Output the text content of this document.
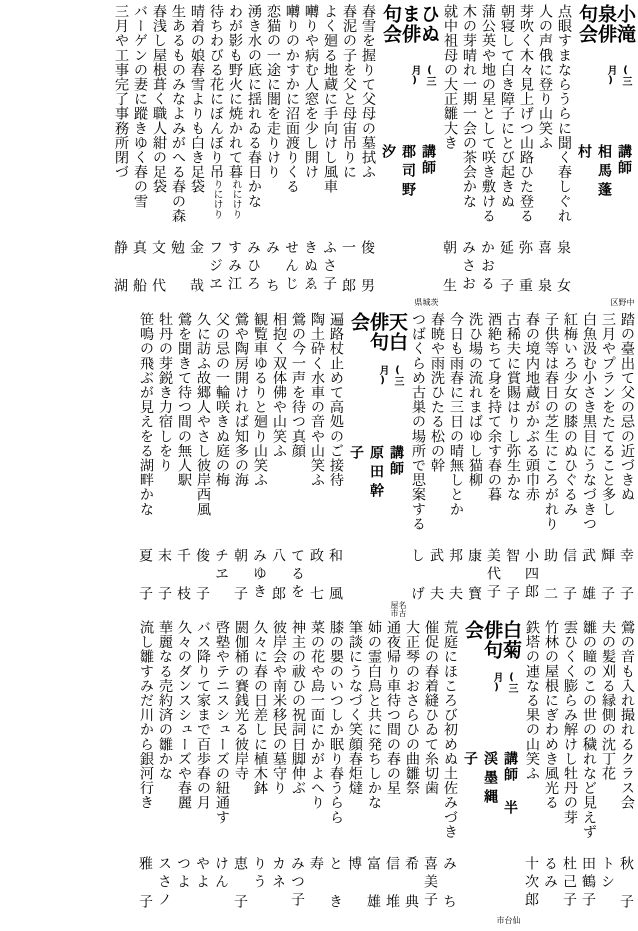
小滝泉俳句会
(三月)
講師 相馬蓬村
中野区
点眼すまならうらに聞く春しぐれ
泉 女
人の声俄に登り山笑ふ
喜 泉
芽吹く木々見上げつ山路ひた登る
弥 重
朝寝して白き障子にとび起きぬ
延 子
蒲公英や地の星として咲き敷ける
かおる
木の芽晴れ一期一会の茶会かな
みさお
就中祖母の大正雛大き
朝 生
ひぬま俳句会
(三月)
講師 郡司野汐
茨城県
春雪を握りて父母の墓拭ふ
俊 男
春泥の子を父と母宙吊りに
一 郎
よく廻る地蔵に手向けし風車
ふさ子
囀りや病む人窓を少し開け
きぬゑ
囀りのかすかに沼面渡りくる
せんじ
恋猫の一途に闇を走りけり
み ち
湧き水の底に揺れゐる春日かな
みひろ
わが影も野火に焼かれて暮れにけり
すみ江
待ちわびる花にぼんぼり吊りにけり
フジヱ
晴着の娘春雪よりも白き足袋
金 哉
生あるものみなよみがへる春の森
勉
春浅し屋根葺く職人紺の足袋
文 代
バーゲンの妻に蹤きゆく春の雪
真 船
三月や工事完了事務所閉づ
静 湖
踏の臺出て父の忌の近づきぬ
幸 子
三月やプランをたてること多し
輝 子
白魚汲む小さき黒目にうなづきつ
武 雄
紅梅いろ少女の膝のぬひぐるみ
信 子
子供等は春日の芝生にころがれり
助 二
春の境内地蔵がかぶる頭巾赤
小四郎
古稀夫に賞賜はりし弥生かな
智 子
酒絶ちて身を持て余す春の暮
美代子
洗ひ場の流れまばゆし猫柳
康 寳
今日も雨春に三日の晴無しとか
邦 夫
春暁や雨洗ひたる松の幹
武 夫
つばくらめ古巣の場所で思案する
し げ
天白俳句会
(三月)
講師 原田幹子
名古屋市
遍路杖止めて高処のご接待
和 風
陶土砕く水車の音や山笑ふ
政 七
鶯の今一声を待つ真顔
てるを
相抱く双体佛や山笑ふ
八 郎
観覧車ゆるりと廻り山笑ふ
みゆき
鶯や陶房開ければ知多の海
朝 子
父の忌の一輪咲きぬ庭の梅
チヱ
久に訪ふ故郷人やさし彼岸西風
俊 子
鶯を聞きて待つ間の無人駅
千 枝
牡丹の芽鋭き力宿しをり
末 子
笹鳴の飛ぶが見えをる湖畔かな
夏 子
鶯の音も入れ撮れるクラス会
秋 子
夫の髪刈る縁側の沈丁花
トシ
雛の瞳のこの世の穢れなど見えず
田鶴子
雲ひくく膨らみ解けし牡丹の芽
杜己子
竹林の屋根にぎわめき風光る
るみ
鉄塔の連なる果の山笑ふ
十次郎
白菊俳句会
(三月)
講師 半渓墨縄子
仙台市
荒庭にほころび初めぬ土佐みづき
み ち
催促の春着縫ひゐて糸切歯
喜美子
大正琴のおさらひの曲雛祭
希 典
通夜帰り車待つ間の春の星
信 堆
姉の霊白鳥と共に発ちしかな
富 雄
筆談にうなづく笑顔春炬燵
博
膝の嬰のいつしか眠り春うらら
と き
菜の花や島一面にかがよへり
寿
神主の祓ひの祝詞日脚伸ぶ
みつ子
彼岸会や南米移民の墓守り
カネ
久々に春の日差しに植木鉢
りう
閼伽桶の賽銭光る彼岸寺
恵 子
啓塾やテニスシューズの紐通す
けん
バス降りて家まで百歩春の月
やよ
久々のダンスシューズや春麗
つよ
華麗なる売約済の雛かな
スさノ
流し雛すみだ川から銀河行き
雅 子
